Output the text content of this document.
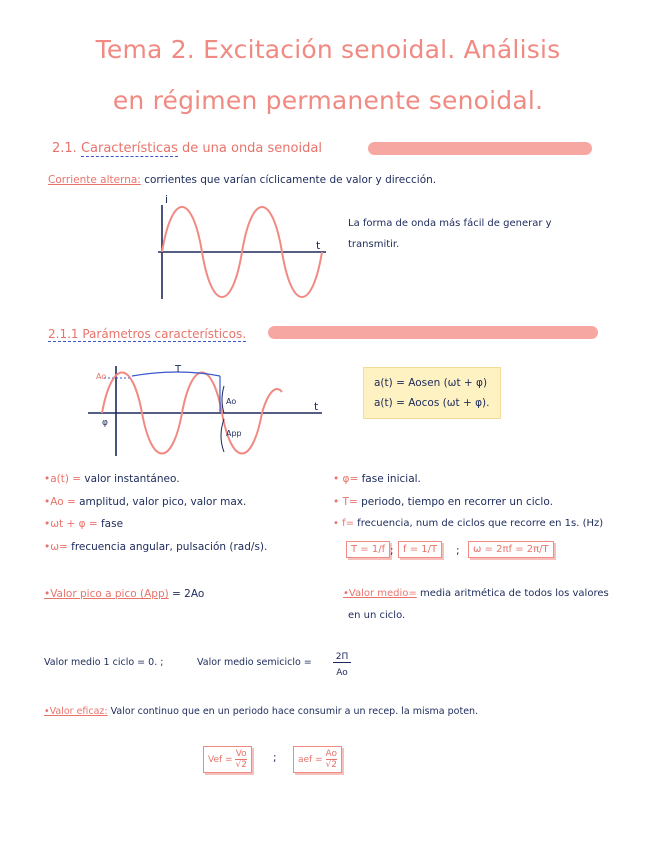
Tema 2. Excitación senoidal. Análisis
en régimen permanente senoidal.
2.1. Características de una onda senoidal
Corriente alterna: corrientes que varían cíclicamente de valor y dirección.
i
t
La forma de onda más fácil de generar y
transmitir.
2.1.1 Parámetros característicos.
Ao
T
φ
Ao
App
t
a(t) = Aosen (ωt + φ)
a(t) = Aocos (ωt + φ).
•a(t) = valor instantáneo.
•Ao = amplitud, valor pico, valor max.
•ωt + φ = fase
•ω= frecuencia angular, pulsación (rad/s).
• φ= fase inicial.
• T= periodo, tiempo en recorrer un ciclo.
• f= frecuencia, num de ciclos que recorre en 1s. (Hz)
T = 1/f ; f = 1/T	;	ω = 2πf = 2π/T
•Valor pico a pico (App) = 2Ao	•Valor medio= media aritmética de todos los valores
en un ciclo.
Valor medio 1 ciclo = 0. ;	Valor medio semiciclo =	2Π
Ao
•Valor eficaz: Valor continuo que en un periodo hace consumir a un recep. la misma poten.
Vef = $\frac{Vo}{√2}$ ;	aef = $\frac{Ao}{√2}$
